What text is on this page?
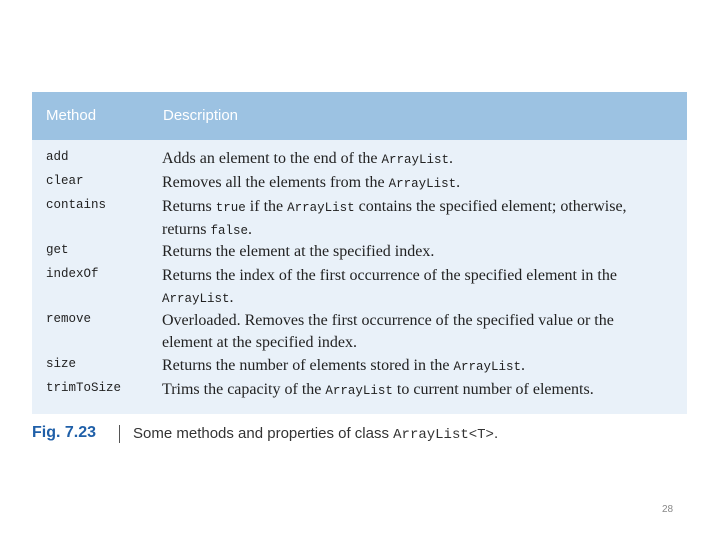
Method	Description
add	Adds an element to the end of the ArrayList.
clear	Removes all the elements from the ArrayList.
contains	Returns true if the ArrayList contains the specified element; otherwise, returns false.
get	Returns the element at the specified index.
indexOf	Returns the index of the first occurrence of the specified element in the ArrayList.
remove	Overloaded. Removes the first occurrence of the specified value or the element at the specified index.
size	Returns the number of elements stored in the ArrayList.
trimToSize	Trims the capacity of the ArrayList to current number of elements.
Fig. 7.23 Some methods and properties of class ArrayList<T>.
28
